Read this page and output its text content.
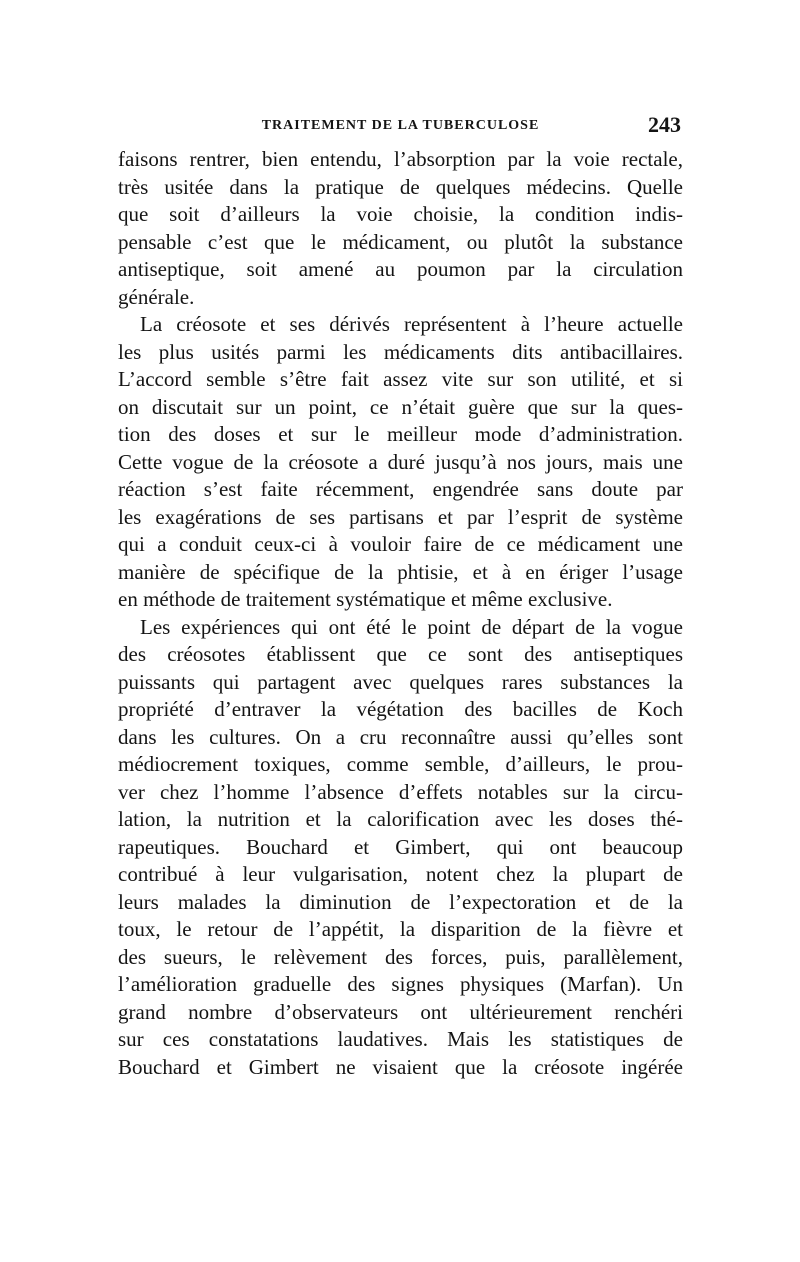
TRAITEMENT DE LA TUBERCULOSE	243
faisons rentrer, bien entendu, l’absorption par la voie rectale,
très usitée dans la pratique de quelques médecins. Quelle
que soit d’ailleurs la voie choisie, la condition indis-
pensable c’est que le médicament, ou plutôt la substance
antiseptique, soit amené au poumon par la circulation
générale.
La créosote et ses dérivés représentent à l’heure actuelle
les plus usités parmi les médicaments dits antibacillaires.
L’accord semble s’être fait assez vite sur son utilité, et si
on discutait sur un point, ce n’était guère que sur la ques-
tion des doses et sur le meilleur mode d’administration.
Cette vogue de la créosote a duré jusqu’à nos jours, mais une
réaction s’est faite récemment, engendrée sans doute par
les exagérations de ses partisans et par l’esprit de système
qui a conduit ceux-ci à vouloir faire de ce médicament une
manière de spécifique de la phtisie, et à en ériger l’usage
en méthode de traitement systématique et même exclusive.
Les expériences qui ont été le point de départ de la vogue
des créosotes établissent que ce sont des antiseptiques
puissants qui partagent avec quelques rares substances la
propriété d’entraver la végétation des bacilles de Koch
dans les cultures. On a cru reconnaître aussi qu’elles sont
médiocrement toxiques, comme semble, d’ailleurs, le prou-
ver chez l’homme l’absence d’effets notables sur la circu-
lation, la nutrition et la calorification avec les doses thé-
rapeutiques. Bouchard et Gimbert, qui ont beaucoup
contribué à leur vulgarisation, notent chez la plupart de
leurs malades la diminution de l’expectoration et de la
toux, le retour de l’appétit, la disparition de la fièvre et
des sueurs, le relèvement des forces, puis, parallèlement,
l’amélioration graduelle des signes physiques (Marfan). Un
grand nombre d’observateurs ont ultérieurement renchéri
sur ces constatations laudatives. Mais les statistiques de
Bouchard et Gimbert ne visaient que la créosote ingérée
